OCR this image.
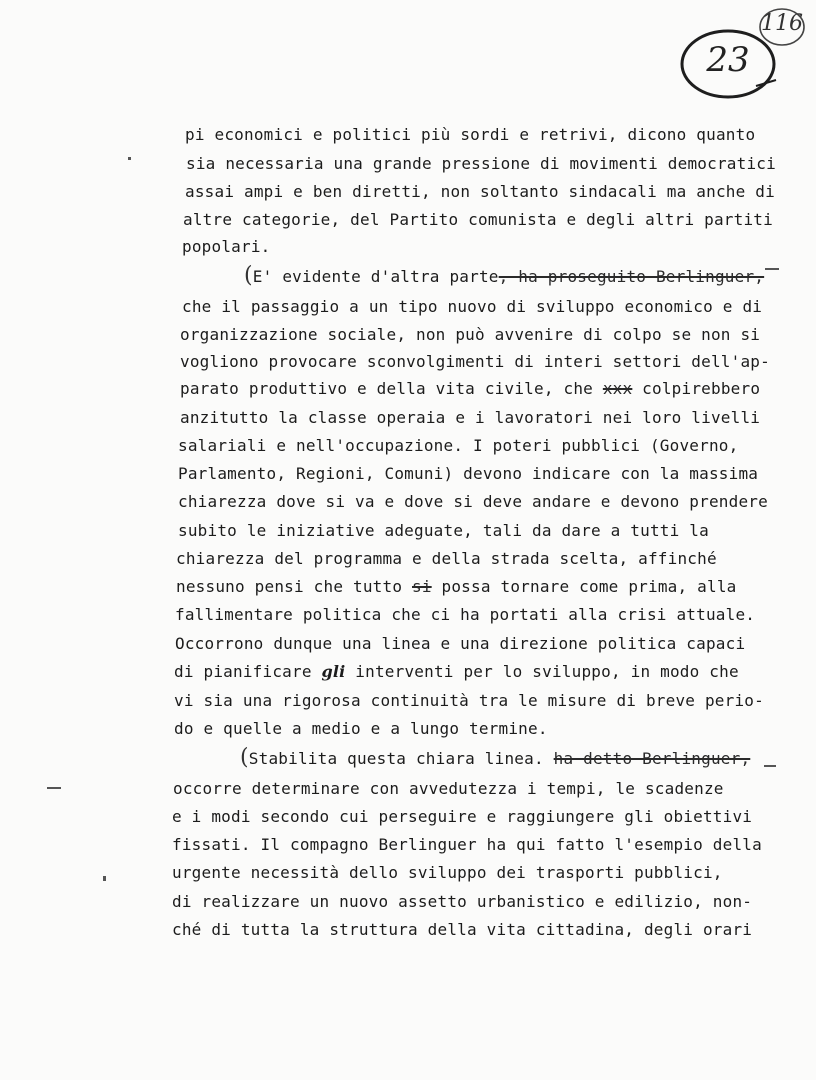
116
23

pi economici e politici più sordi e retrivi, dicono quanto

sia necessaria una grande pressione di movimenti democratici

assai ampi e ben diretti, non soltanto sindacali ma anche di

altre categorie, del Partito comunista e degli altri partiti

popolari.

(E' evidente d'altra parte, ha proseguito Berlinguer,

che il passaggio a un tipo nuovo di sviluppo economico e di

organizzazione sociale, non può avvenire di colpo se non si

vogliono provocare sconvolgimenti di interi settori dell'ap-

parato produttivo e della vita civile, che xxx colpirebbero

anzitutto la classe operaia e i lavoratori nei loro livelli

salariali e nell'occupazione. I poteri pubblici (Governo,

Parlamento, Regioni, Comuni) devono indicare con la massima

chiarezza dove si va e dove si deve andare e devono prendere

subito le iniziative adeguate, tali da dare a tutti la

chiarezza del programma e della strada scelta, affinché

nessuno pensi che tutto si possa tornare come prima, alla

fallimentare politica che ci ha portati alla crisi attuale.

Occorrono dunque una linea e una direzione politica capaci

di pianificare gli interventi per lo sviluppo, in modo che

vi sia una rigorosa continuità tra le misure di breve perio-

do e quelle a medio e a lungo termine.

(Stabilita questa chiara linea. ha detto Berlinguer,

occorre determinare con avvedutezza i tempi, le scadenze

e i modi secondo cui perseguire e raggiungere gli obiettivi

fissati. Il compagno Berlinguer ha qui fatto l'esempio della

urgente necessità dello sviluppo dei trasporti pubblici,

di realizzare un nuovo assetto urbanistico e edilizio, non-

ché di tutta la struttura della vita cittadina, degli orari
